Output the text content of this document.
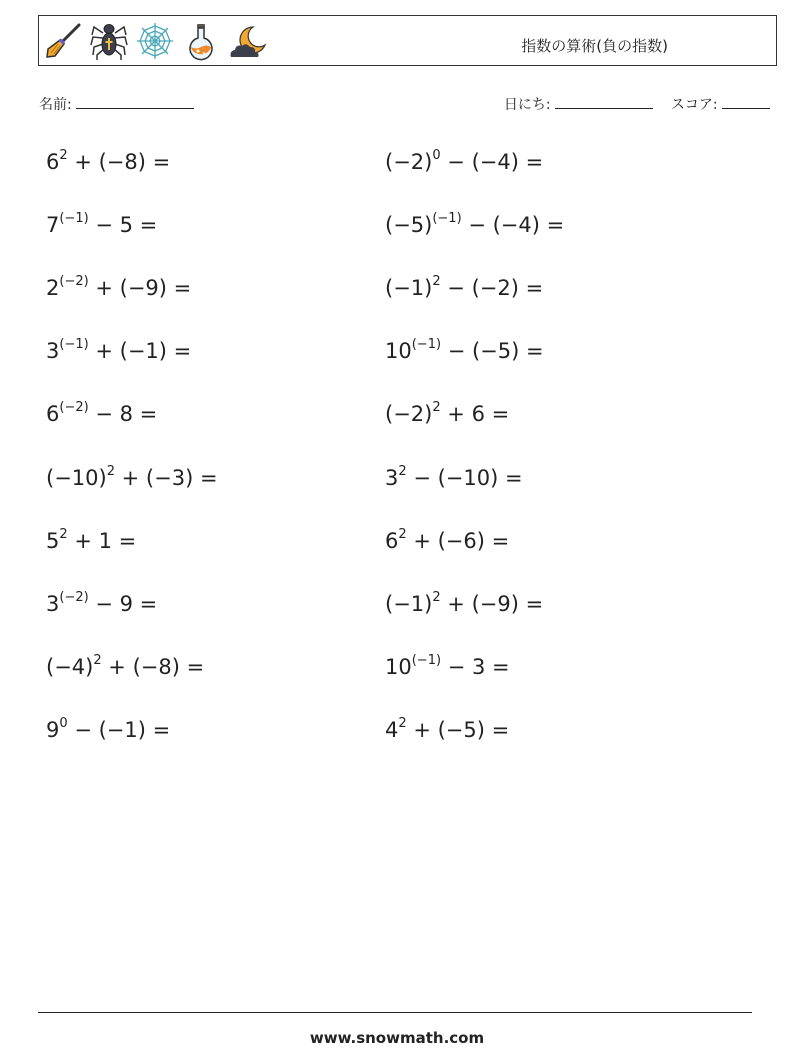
指数の算術(負の指数)
名前:	日にち:	スコア:
$6^2 + (-8)$ =
$7^{(-1)} - 5$ =
$2^{(-2)} + (-9)$ =
$3^{(-1)} + (-1)$ =
$6^{(-2)} - 8$ =
$(-10)^2 + (-3)$ =
$5^2 + 1$ =
$3^{(-2)} - 9$ =
$(-4)^2 + (-8)$ =
$9^0 - (-1)$ =
$(-2)^0 - (-4)$ =
$(-5)^{(-1)} - (-4)$ =
$(-1)^2 - (-2)$ =
$10^{(-1)} - (-5)$ =
$(-2)^2 + 6$ =
$3^2 - (-10)$ =
$6^2 + (-6)$ =
$(-1)^2 + (-9)$ =
$10^{(-1)} - 3$ =
$4^2 + (-5)$ =
www.snowmath.com
